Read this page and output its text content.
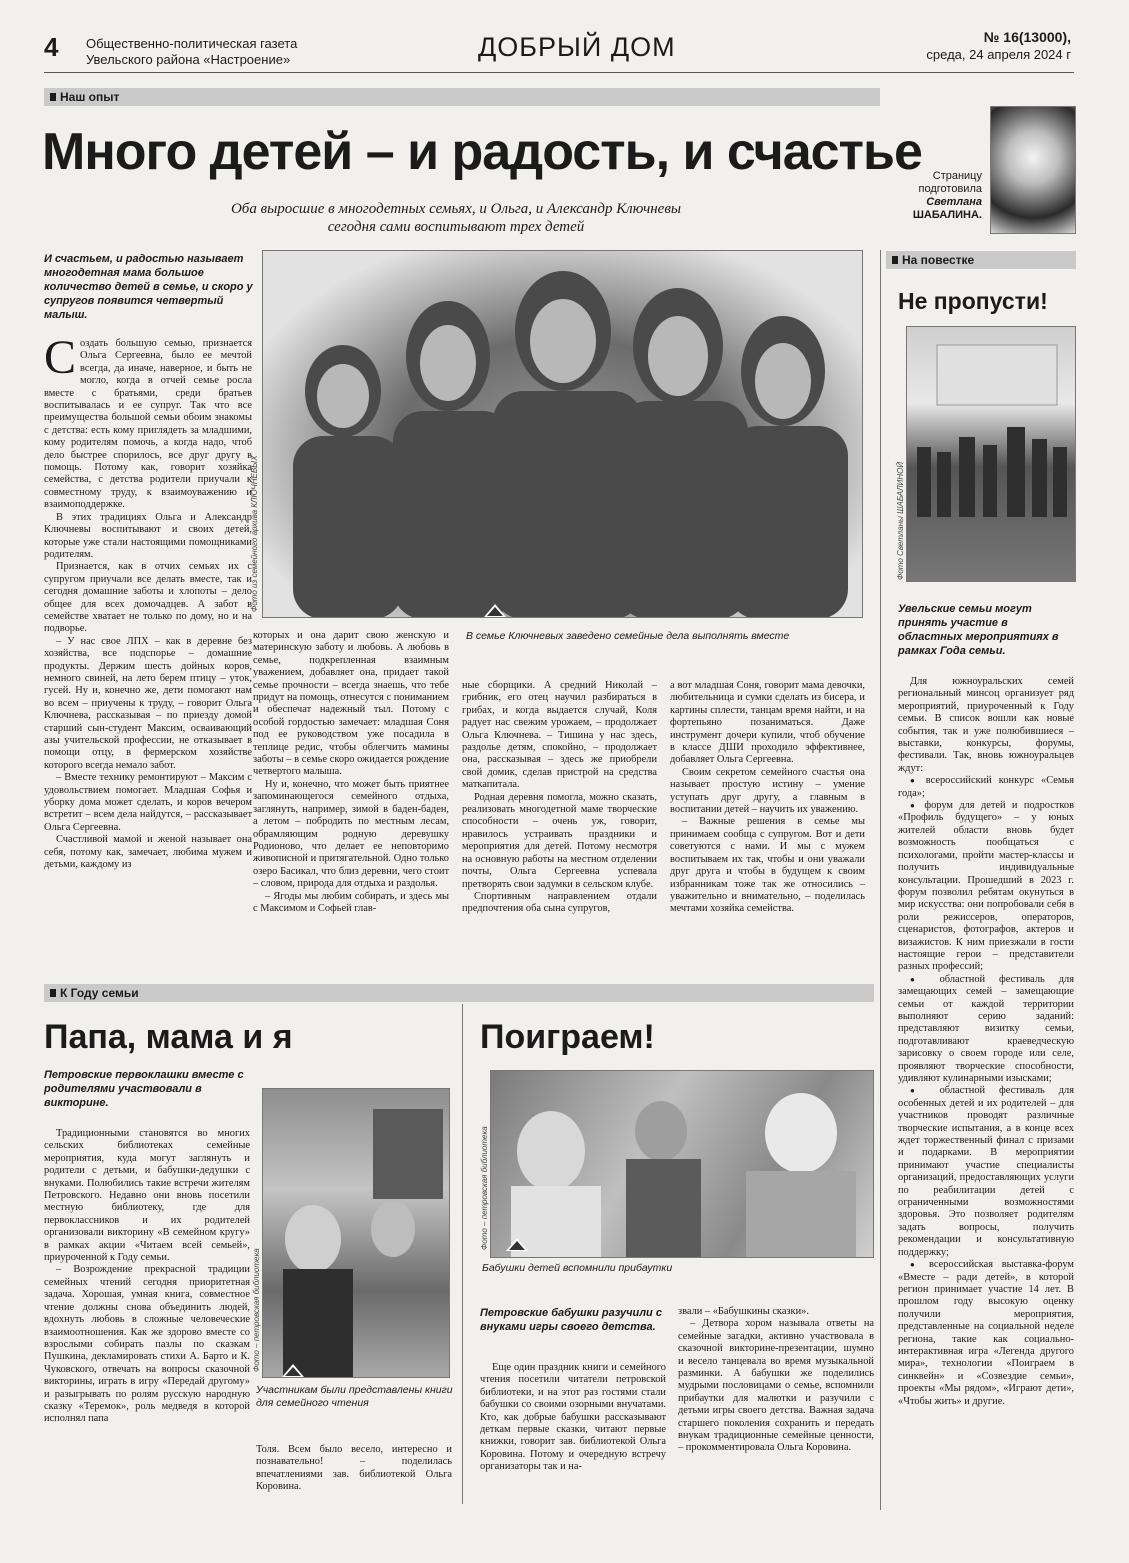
4 Общественно-политическая газета
Увельского района «Настроение»	ДОБРЫЙ ДОМ	№ 16(13000),
среда, 24 апреля 2024 г
Наш опыт
Много детей – и радость, и счастье
Оба выросшие в многодетных семьях, и Ольга, и Александр Ключневы
сегодня сами воспитывают трех детей
Страницу
подготовила
Светлана
ШАБАЛИНА.
И счастьем, и радостью называет многодетная мама большое количество детей в семье, и скоро у супругов появится четвертый малыш.
Фото из семейного архива КЛЮЧНЕВЫХ
В семье Ключневых заведено семейные дела выполнять вместе

Создать большую семью, признается Ольга Сергеевна, было ее мечтой всегда, да иначе, наверное, и быть не могло, когда в отчей семье росла вместе с братьями, среди братьев воспитывалась и ее супруг. Так что все преимущества большой семьи обоим знакомы с детства: есть кому приглядеть за младшими, кому родителям помочь, а когда надо, чтоб дело быстрее спорилось, все друг другу в помощь. Потому как, говорит хозяйка семейства, с детства родители приучали к совместному труду, к взаимоуважению и взаимоподдержке.

В этих традициях Ольга и Александр Ключневы воспитывают и своих детей, которые уже стали настоящими помощниками родителям.

Признается, как в отчих семьях их с супругом приучали все делать вместе, так и сегодня домашние заботы и хлопоты – дело общее для всех домочадцев. А забот в семействе хватает не только по дому, но и на подворье.

– У нас свое ЛПХ – как в деревне без хозяйства, все подспорье – домашние продукты. Держим шесть дойных коров, немного свиней, на лето берем птицу – уток, гусей. Ну и, конечно же, дети помогают нам во всем – приучены к труду, – говорит Ольга Ключнева, рассказывая – по приезду домой старший сын-студент Максим, осваивающий азы учительской профессии, не отказывает в помощи отцу, в фермерском хозяйстве которого всегда немало забот.

– Вместе технику ремонтируют – Максим с удовольствием помогает. Младшая Софья и уборку дома может сделать, и коров вечером встретит – всем дела найдутся, – рассказывает Ольга Сергеевна.

Счастливой мамой и женой называет она себя, потому как, замечает, любима мужем и детьми, каждому из

которых и она дарит свою женскую и материнскую заботу и любовь. А любовь в семье, подкрепленная взаимным уважением, добавляет она, придает такой семье прочности – всегда знаешь, что тебе придут на помощь, отнесутся с пониманием и обеспечат надежный тыл. Потому с особой гордостью замечает: младшая Соня под ее руководством уже посадила в теплице редис, чтобы облегчить мамины заботы – в семье скоро ожидается рождение четвертого малыша.

Ну и, конечно, что может быть приятнее запоминающегося семейного отдыха, заглянуть, например, зимой в баден-баден, а летом – побродить по местным лесам, обрамляющим родную деревушку Родионово, что делает ее неповторимо живописной и притягательной. Одно только озеро Басикал, что близ деревни, чего стоит – словом, природа для отдыха и раздолья.

– Ягоды мы любим собирать, и здесь мы с Максимом и Софьей глав-

ные сборщики. А средний Николай – грибник, его отец научил разбираться в грибах, и когда выдается случай, Коля радует нас свежим урожаем, – продолжает Ольга Ключнева. – Тишина у нас здесь, раздолье детям, спокойно, – продолжает она, рассказывая – здесь же приобрели свой домик, сделав пристрой на средства маткапитала.

Родная деревня помогла, можно сказать, реализовать многодетной маме творческие способности – очень уж, говорит, нравилось устраивать праздники и мероприятия для детей. Потому несмотря на основную работы на местном отделении почты, Ольга Сергеевна успевала претворять свои задумки в сельском клубе.

Спортивным направлением отдали предпочтения оба сына супругов,

а вот младшая Соня, говорит мама девочки, любительница и сумки сделать из бисера, и картины сплести, танцам время найти, и на фортепьяно позаниматься. Даже инструмент дочери купили, чтоб обучение в классе ДШИ проходило эффективнее, добавляет Ольга Сергеевна.

Своим секретом семейного счастья она называет простую истину – умение уступать друг другу, а главным в воспитании детей – научить их уважению.

– Важные решения в семье мы принимаем сообща с супругом. Вот и дети советуются с нами. И мы с мужем воспитываем их так, чтобы и они уважали друг друга и чтобы в будущем к своим избранникам тоже так же относились – уважительно и внимательно, – поделилась мечтами хозяйка семейства.

На повестке
Не пропусти!
Фото Светланы ШАБАЛИНОЙ
Увельские семьи могут принять участие в областных мероприятиях в рамках Года семьи.

Для южноуральских семей региональный минсоц организует ряд мероприятий, приуроченный к Году семьи. В список вошли как новые события, так и уже полюбившиеся – выставки, конкурсы, форумы, фестивали. Так, вновь южноуральцев ждут:

● всероссийский конкурс «Семья года»;

● форум для детей и подростков «Профиль будущего» – у юных жителей области вновь будет возможность пообщаться с психологами, пройти мастер-классы и получить индивидуальные консультации. Прошедший в 2023 г. форум позволил ребятам окунуться в мир искусства: они попробовали себя в роли режиссеров, операторов, сценаристов, фотографов, актеров и визажистов. К ним приезжали в гости настоящие герои – представители разных профессий;

● областной фестиваль для замещающих семей – замещающие семьи от каждой территории выполняют серию заданий: представляют визитку семьи, подготавливают краеведческую зарисовку о своем городе или селе, проявляют творческие способности, удивляют кулинарными изысками;

● областной фестиваль для особенных детей и их родителей – для участников проводят различные творческие испытания, а в конце всех ждет торжественный финал с призами и подарками. В мероприятии принимают участие специалисты организаций, предоставляющих услуги по реабилитации детей с ограниченными возможностями здоровья. Это позволяет родителям задать вопросы, получить рекомендации и консультативную поддержку;

● всероссийская выставка-форум «Вместе – ради детей», в которой регион принимает участие 14 лет. В прошлом году высокую оценку получили мероприятия, представленные на социальной неделе региона, такие как социально-интерактивная игра «Легенда другого мира», технологии «Поиграем в синквейн» и «Созвездие семьи», проекты «Мы рядом», «Играют дети», «Чтобы жить» и другие.

К Году семьи
Папа, мама и я
Петровские первоклашки вместе с родителями участвовали в викторине.

Традиционными становятся во многих сельских библиотеках семейные мероприятия, куда могут заглянуть и родители с детьми, и бабушки-дедушки с внуками. Полюбились такие встречи жителям Петровского. Недавно они вновь посетили местную библиотеку, где для первоклассников и их родителей организовали викторину «В семейном кругу» в рамках акции «Читаем всей семьей», приуроченной к Году семьи.

– Возрождение прекрасной традиции семейных чтений сегодня приоритетная задача. Хорошая, умная книга, совместное чтение должны снова объединить людей, вдохнуть любовь в сложные человеческие взаимоотношения. Как же здорово вместе со взрослыми собирать пазлы по сказкам Пушкина, декламировать стихи А. Барто и К. Чуковского, отвечать на вопросы сказочной викторины, играть в игру «Передай другому» и разыгрывать по ролям русскую народную сказку «Теремок», роль медведя в которой исполнял папа

Фото – петровская библиотека
Участникам были представлены книги для семейного чтения

Толя. Всем было весело, интересно и познавательно! – поделилась впечатлениями зав. библиотекой Ольга Коровина.

Поиграем!
Фото – петровская библиотека
Бабушки детей вспомнили прибаутки
Петровские бабушки разучили с внуками игры своего детства.

Еще один праздник книги и семейного чтения посетили читатели петровской библиотеки, и на этот раз гостями стали бабушки со своими озорными внучатами. Кто, как добрые бабушки рассказывают деткам первые сказки, читают первые книжки, говорит зав. библиотекой Ольга Коровина. Потому и очередную встречу организаторы так и на-

звали – «Бабушкины сказки».

– Детвора хором называла ответы на семейные загадки, активно участвовала в сказочной викторине-презентации, шумно и весело танцевала во время музыкальной разминки. А бабушки же поделились мудрыми пословицами о семье, вспомнили прибаутки для малютки и разучили с детьми игры своего детства. Важная задача старшего поколения сохранить и передать внукам традиционные семейные ценности, – прокомментировала Ольга Коровина.
